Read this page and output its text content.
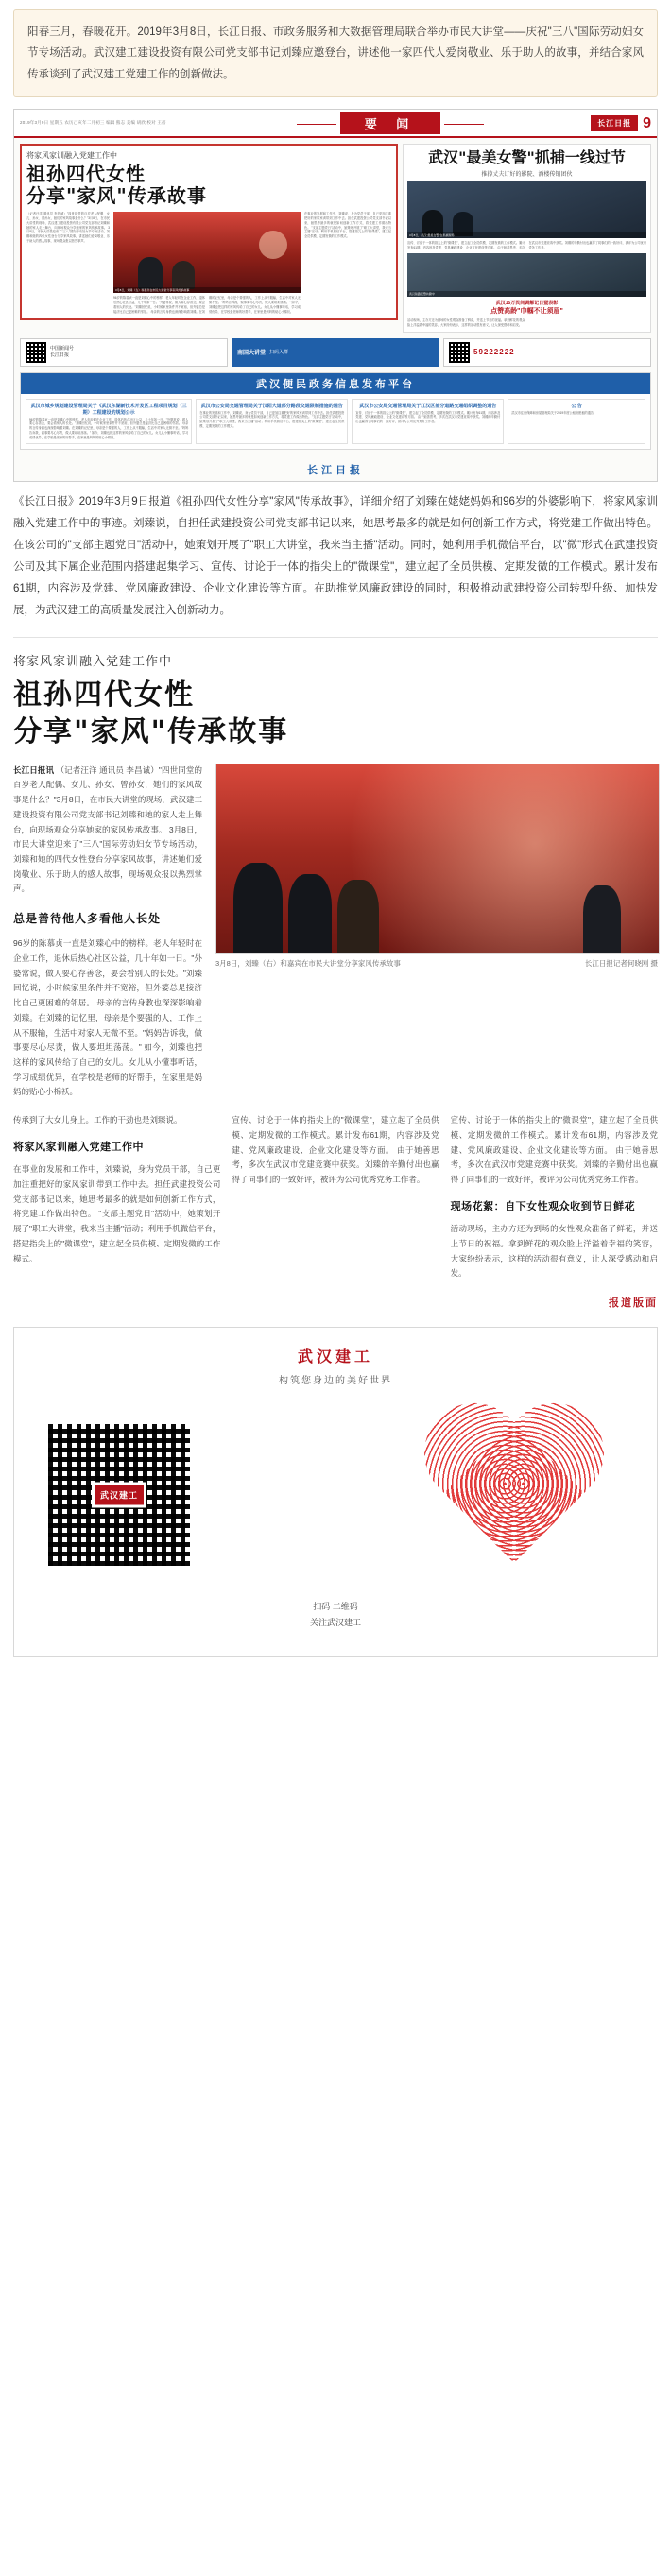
阳春三月，春暖花开。2019年3月8日，长江日报、市政务服务和大数据管理局联合举办市民大讲堂——庆祝"三八"国际劳动妇女节专场活动。武汉建工建设投资有限公司党支部书记刘臻应邀登台，讲述他一家四代人爱岗敬业、乐于助人的故事，并结合家风传承谈到了武汉建工党建工作的创新做法。
2019年3月9日 星期五 农历己亥年二月初三 编辑 熊志 美编 胡欣 校对 王蓓	要 闻	长江日报 9
将家风家训融入党建工作中
祖孙四代女性
分享"家风"传承故事
（记者汪洋 通讯员 李昌诚）"四世同堂的百岁老人配偶、女儿、孙女、曾孙女，她们的家风故事是什么？"3月8日，在市民大讲堂的现场，武汉建工建设投资有限公司党支部书记刘臻和她的家人走上舞台，向现场观众分享她家的家风传承故事。 3月8日，市民大讲堂迎来了"三八"国际劳动妇女节专场活动，刘臻和她的四代女性登台分享家风故事，讲述她们爱岗敬业、乐于助人的感人故事，现场观众报以热烈掌声。
3月8日，刘臻（左）和嘉宾在市民大讲堂分享家风传承故事
96岁的陈慕贞一直是刘臻心中的榜样。老人年轻时在企业工作，退休后热心社区公益，几十年如一日。"外婆常说，做人要心存善念，要会看别人的长处。"刘臻回忆说，小时候家里条件并不宽裕，但外婆总是接济比自己更困难的邻居。 母亲的言传身教也深深影响着刘臻。在刘臻的记忆里，母亲是个要强的人，工作上从不服输，生活中对家人无微不至。"妈妈告诉我，做事要尽心尽责，做人要坦坦荡荡。" 如今，刘臻也把这样的家风传给了自己的女儿。女儿从小懂事听话，学习成绩优异，在学校是老师的好帮手，在家里是妈妈的贴心小棉袄。
在事业的发展和工作中，刘臻说，身为党员干部，自己更加注重把好的家风家训带到工作中去。担任武建投资公司党支部书记以来，她思考最多的就是如何创新工作方式，将党建工作做出特色。 "支部主题党日"活动中，她策划开展了"职工大讲堂，我来当主播"活动；利用手机微信平台，搭建指尖上的"微课堂"，建立起全员供模、定期发微的工作模式。
武汉"最美女警"抓捕一线过节
推掉丈夫订好的影院、酒楼传销团伙
3月8日，武汉"最美女警"在抓捕现场
宣传、讨论于一体的指尖上的"微课堂"，建立起了全员供模、定期发微的工作模式。累计发布61期，内容涉及党建、党风廉政建设、企业文化建设等方面。 由于她善思考，多次在武汉市党建竞赛中获奖。刘臻的辛勤付出也赢得了同事们的一致好评，被评为公司优秀党务工作者。
武汉铁路民警执勤中
武汉15万民间调解记日暨表彰
点赞高龄"巾帼不让须眉"
活动现场，主办方还为到场的女性观众准备了鲜花，并送上节日的祝福。拿到鲜花的观众脸上洋溢着幸福的笑容，大家纷纷表示，这样的活动很有意义，让人深受感动和启发。
中国新闻号
长江日报	南国大讲堂 扫码入群	59222222
武汉便民政务信息发布平台
武汉市城乡规划建设管理局关于《武汉东湖新技术开发区工程项目规划（三期）工程建设的规划公示
96岁的陈慕贞一直是刘臻心中的榜样。老人年轻时在企业工作，退休后热心社区公益，几十年如一日。"外婆常说，做人要心存善念，要会看别人的长处。"刘臻回忆说，小时候家里条件并不宽裕，但外婆总是接济比自己更困难的邻居。 母亲的言传身教也深深影响着刘臻。在刘臻的记忆里，母亲是个要强的人，工作上从不服输，生活中对家人无微不至。"妈妈告诉我，做事要尽心尽责，做人要坦坦荡荡。" 如今，刘臻也把这样的家风传给了自己的女儿。女儿从小懂事听话，学习成绩优异，在学校是老师的好帮手，在家里是妈妈的贴心小棉袄。
武汉市公安局交通管理局关于汉阳大道部分路段交通限制措施的通告
在事业的发展和工作中，刘臻说，身为党员干部，自己更加注重把好的家风家训带到工作中去。担任武建投资公司党支部书记以来，她思考最多的就是如何创新工作方式，将党建工作做出特色。 "支部主题党日"活动中，她策划开展了"职工大讲堂，我来当主播"活动；利用手机微信平台，搭建指尖上的"微课堂"，建立起全员供模、定期发微的工作模式。
武汉市公安局交通管理局关于江汉区部分道路交通组织调整的通告
宣传、讨论于一体的指尖上的"微课堂"，建立起了全员供模、定期发微的工作模式。累计发布61期，内容涉及党建、党风廉政建设、企业文化建设等方面。 由于她善思考，多次在武汉市党建竞赛中获奖。刘臻的辛勤付出也赢得了同事们的一致好评，被评为公司优秀党务工作者。
公 告
武汉市住房保障和房屋管理局关于2019年度公租房配租的通告
长江日报
《长江日报》2019年3月9日报道《祖孙四代女性分享"家风"传承故事》，详细介绍了刘臻在姥姥妈妈和96岁的外婆影响下，将家风家训融入党建工作中的事迹。刘臻说，自担任武建投资公司党支部书记以来，她思考最多的就是如何创新工作方式，将党建工作做出特色。在该公司的"支部主题党日"活动中，她策划开展了"职工大讲堂，我来当主播"活动。同时，她利用手机微信平台，以"微"形式在武建投资公司及其下属企业范围内搭建起集学习、宣传、讨论于一体的指尖上的"微课堂"，建立起了全员供模、定期发微的工作模式。累计发布61期，内容涉及党建、党风廉政建设、企业文化建设等方面。在助推党风廉政建设的同时，积极推动武建投资公司转型升级、加快发展，为武汉建工的高质量发展注入创新动力。
将家风家训融入党建工作中
祖孙四代女性
分享"家风"传承故事
长江日报讯 （记者汪洋 通讯员 李昌诚）"四世同堂的百岁老人配偶、女儿、孙女、曾孙女，她们的家风故事是什么？"3月8日，在市民大讲堂的现场，武汉建工建设投资有限公司党支部书记刘臻和她的家人走上舞台，向现场观众分享她家的家风传承故事。 3月8日，市民大讲堂迎来了"三八"国际劳动妇女节专场活动，刘臻和她的四代女性登台分享家风故事，讲述她们爱岗敬业、乐于助人的感人故事，现场观众报以热烈掌声。
总是善待他人多看他人长处
96岁的陈慕贞一直是刘臻心中的榜样。老人年轻时在企业工作，退休后热心社区公益，几十年如一日。"外婆常说，做人要心存善念，要会看别人的长处。"刘臻回忆说，小时候家里条件并不宽裕，但外婆总是接济比自己更困难的邻居。 母亲的言传身教也深深影响着刘臻。在刘臻的记忆里，母亲是个要强的人，工作上从不服输，生活中对家人无微不至。"妈妈告诉我，做事要尽心尽责，做人要坦坦荡荡。" 如今，刘臻也把这样的家风传给了自己的女儿。女儿从小懂事听话，学习成绩优异，在学校是老师的好帮手，在家里是妈妈的贴心小棉袄。
3月8日，刘臻（右）和嘉宾在市民大讲堂分享家风传承故事	长江日报记者何晓刚 摄
传承到了大女儿身上。工作的干劲也是刘臻说。
将家风家训融入党建工作中
在事业的发展和工作中，刘臻说，身为党员干部，自己更加注重把好的家风家训带到工作中去。担任武建投资公司党支部书记以来，她思考最多的就是如何创新工作方式，将党建工作做出特色。 "支部主题党日"活动中，她策划开展了"职工大讲堂，我来当主播"活动；利用手机微信平台，搭建指尖上的"微课堂"，建立起全员供模、定期发微的工作模式。
宣传、讨论于一体的指尖上的"微课堂"，建立起了全员供模、定期发微的工作模式。累计发布61期，内容涉及党建、党风廉政建设、企业文化建设等方面。 由于她善思考，多次在武汉市党建竞赛中获奖。刘臻的辛勤付出也赢得了同事们的一致好评，被评为公司优秀党务工作者。
宣传、讨论于一体的指尖上的"微课堂"，建立起了全员供模、定期发微的工作模式。累计发布61期，内容涉及党建、党风廉政建设、企业文化建设等方面。 由于她善思考，多次在武汉市党建竞赛中获奖。刘臻的辛勤付出也赢得了同事们的一致好评，被评为公司优秀党务工作者。
现场花絮：自下女性观众收到节日鲜花
活动现场，主办方还为到场的女性观众准备了鲜花，并送上节日的祝福。拿到鲜花的观众脸上洋溢着幸福的笑容，大家纷纷表示，这样的活动很有意义，让人深受感动和启发。
报道版面
武汉建工
构筑您身边的美好世界
武汉建工
扫码 二维码
关注武汉建工
